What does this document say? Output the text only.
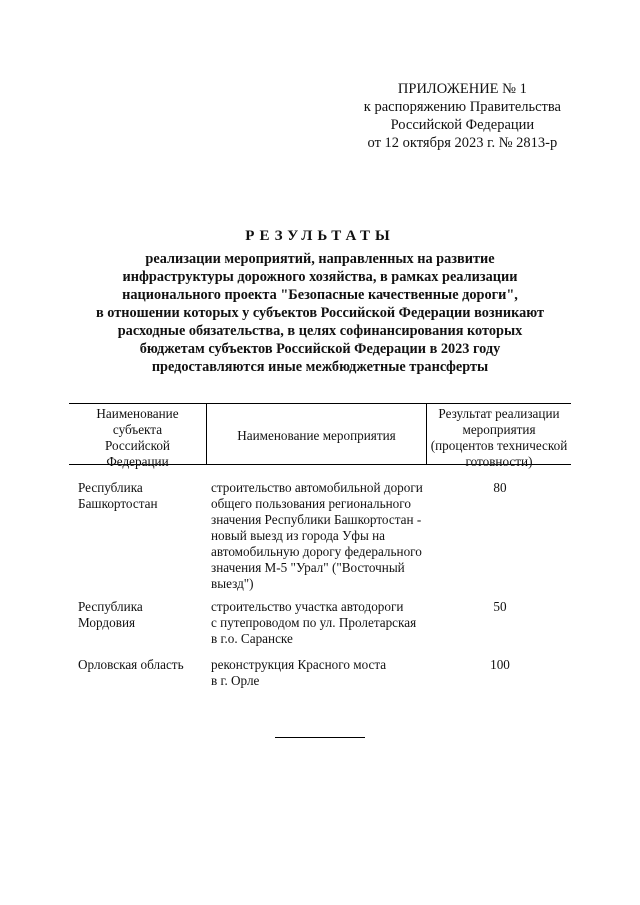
ПРИЛОЖЕНИЕ № 1
к распоряжению Правительства
Российской Федерации
от 12 октября 2023 г. № 2813-р
РЕЗУЛЬТАТЫ
реализации мероприятий, направленных на развитие
инфраструктуры дорожного хозяйства, в рамках реализации
национального проекта "Безопасные качественные дороги",
в отношении которых у субъектов Российской Федерации возникают
расходные обязательства, в целях софинансирования которых
бюджетам субъектов Российской Федерации в 2023 году
предоставляются иные межбюджетные трансферты
Наименование
субъекта
Российской
Федерации
Наименование мероприятия
Результат реализации
мероприятия
(процентов технической
готовности)
Республика
Башкортостан
строительство автомобильной дороги
общего пользования регионального
значения Республики Башкортостан -
новый выезд из города Уфы на
автомобильную дорогу федерального
значения М-5 "Урал" ("Восточный
выезд")
80
Республика
Мордовия
строительство участка автодороги
с путепроводом по ул. Пролетарская
в г.о. Саранске
50
Орловская область реконструкция Красного моста
в г. Орле
100
